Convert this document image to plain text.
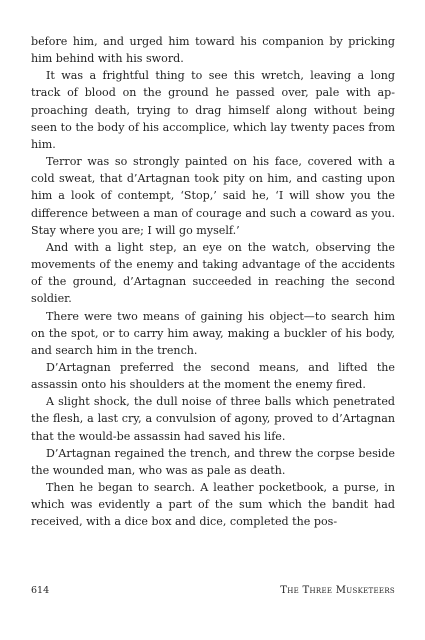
before him, and urged him toward his companion by pricking him behind with his sword.

It was a frightful thing to see this wretch, leaving a long track of blood on the ground he passed over, pale with approaching death, trying to drag himself along without being seen to the body of his accomplice, which lay twenty paces from him.

Terror was so strongly painted on his face, covered with a cold sweat, that d’Artagnan took pity on him, and casting upon him a look of contempt, ‘Stop,’ said he, ‘I will show you the difference between a man of courage and such a coward as you. Stay where you are; I will go myself.’

And with a light step, an eye on the watch, observing the movements of the enemy and taking advantage of the accidents of the ground, d’Artagnan succeeded in reaching the second soldier.

There were two means of gaining his object—to search him on the spot, or to carry him away, making a buckler of his body, and search him in the trench.

D’Artagnan preferred the second means, and lifted the assassin onto his shoulders at the moment the enemy fired.

A slight shock, the dull noise of three balls which penetrated the flesh, a last cry, a convulsion of agony, proved to d’Artagnan that the would-be assassin had saved his life.

D’Artagnan regained the trench, and threw the corpse beside the wounded man, who was as pale as death.

Then he began to search. A leather pocketbook, a purse, in which was evidently a part of the sum which the bandit had received, with a dice box and dice, completed the pos-

614	The Three Musketeers
